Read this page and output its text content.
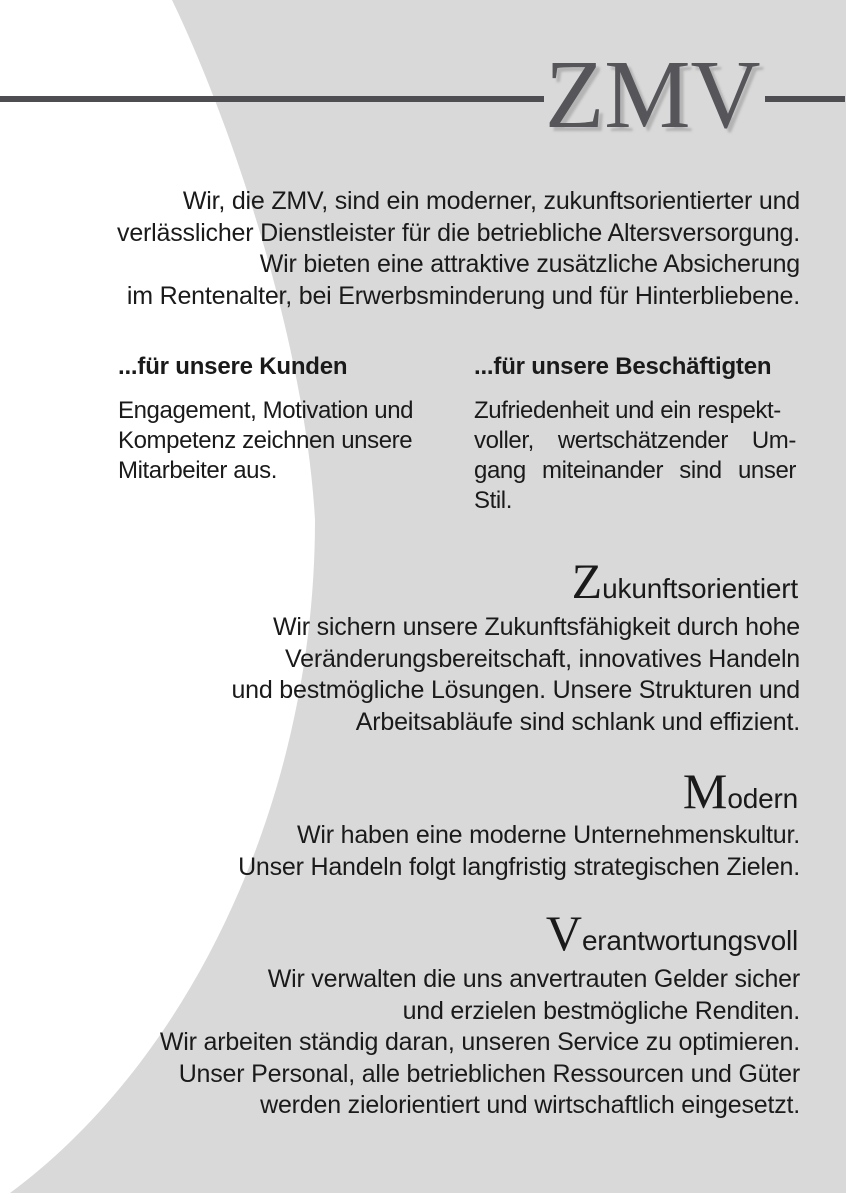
ZMV
Wir, die ZMV, sind ein moderner, zukunftsorientierter und
verlässlicher Dienstleister für die betriebliche Altersversorgung.
Wir bieten eine attraktive zusätzliche Absicherung
im Rentenalter, bei Erwerbsminderung und für Hinterbliebene.
...für unsere Kunden
Engagement, Motivation und
Kompetenz zeichnen unsere
Mitarbeiter aus.
...für unsere Beschäftigten
Zufriedenheit und ein respekt-
voller, wertschätzender Um-
gang miteinander sind unser
Stil.
Zukunftsorientiert
Wir sichern unsere Zukunftsfähigkeit durch hohe
Veränderungsbereitschaft, innovatives Handeln
und bestmögliche Lösungen. Unsere Strukturen und
Arbeitsabläufe sind schlank und effizient.
Modern
Wir haben eine moderne Unternehmenskultur.
Unser Handeln folgt langfristig strategischen Zielen.
Verantwortungsvoll
Wir verwalten die uns anvertrauten Gelder sicher
und erzielen bestmögliche Renditen.
Wir arbeiten ständig daran, unseren Service zu optimieren.
Unser Personal, alle betrieblichen Ressourcen und Güter
werden zielorientiert und wirtschaftlich eingesetzt.
